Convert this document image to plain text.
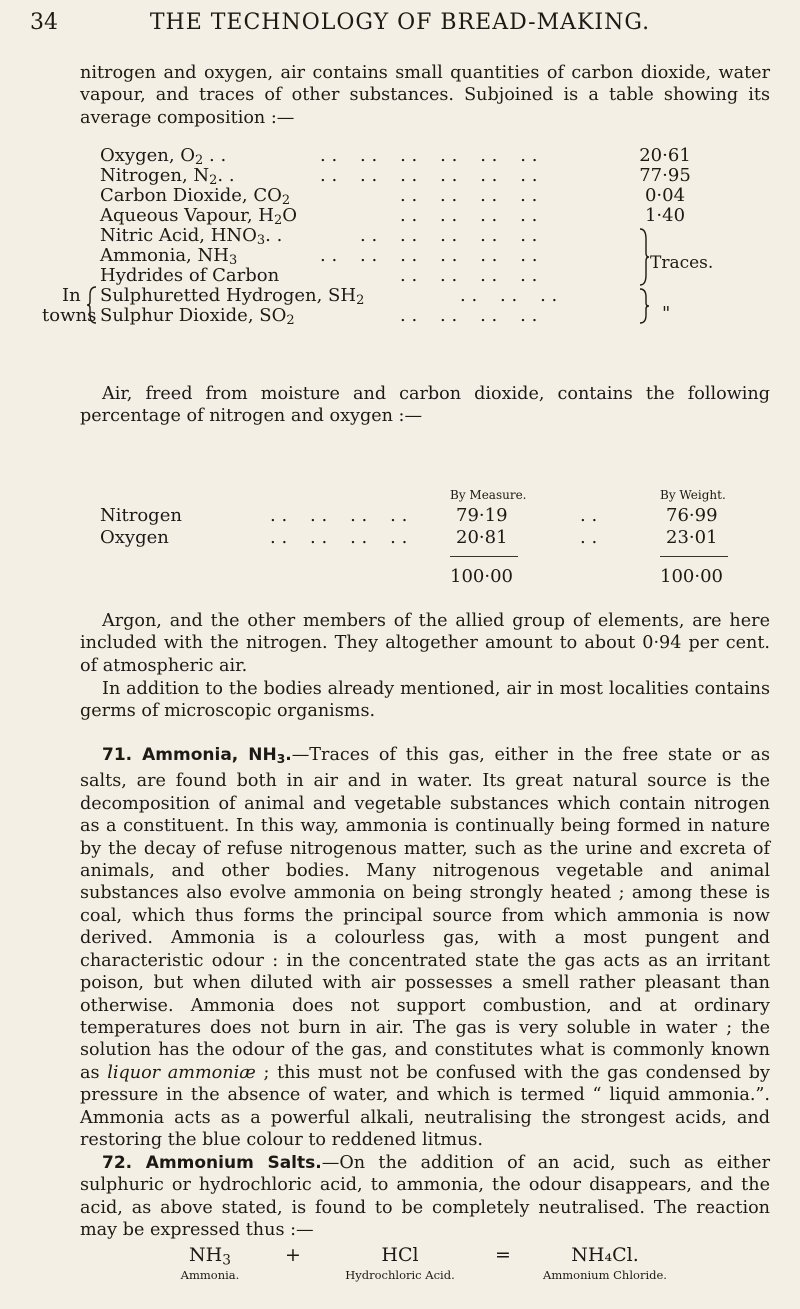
34	THE TECHNOLOGY OF BREAD-MAKING.

nitrogen and oxygen, air contains small quantities of carbon dioxide, water vapour, and traces of other substances. Subjoined is a table showing its average composition :—

Oxygen, $O_2$ . .	. .    . .    . .    . .    . .    . .	20·61
Nitrogen, $N_2$. .	. .    . .    . .    . .    . .    . .	77·95
Carbon Dioxide, $CO_2$	. .    . .    . .    . .	0·04
Aqueous Vapour, $H_2O$	. .    . .    . .    . .	1·40
Nitric Acid, $HNO_3$. .	. .    . .    . .    . .    . .
Ammonia, $NH_3$	. .    . .    . .    . .    . .    . .
Hydrides of Carbon	. .    . .    . .    . .
Sulphuretted Hydrogen, $SH_2$	. .    . .    . .
Sulphur Dioxide, $SO_2$	. .    . .    . .    . .
In
towns
Traces.
"

Air, freed from moisture and carbon dioxide, contains the following percentage of nitrogen and oxygen :—

By Measure.	By Weight.
Nitrogen	. .    . .    . .    . .	79·19	. .	76·99
Oxygen	. .    . .    . .    . .	20·81	. .	23·01
100·00	100·00

Argon, and the other members of the allied group of elements, are here included with the nitrogen. They altogether amount to about 0·94 per cent. of atmospheric air.

In addition to the bodies already mentioned, air in most localities contains germs of microscopic organisms.

71. Ammonia, $NH_3.—Traces$ of this gas, either in the free state or as salts, are found both in air and in water. Its great natural source is the decomposition of animal and vegetable substances which contain nitrogen as a constituent. In this way, ammonia is continually being formed in nature by the decay of refuse nitrogenous matter, such as the urine and excreta of animals, and other bodies. Many nitrogenous vegetable and animal substances also evolve ammonia on being strongly heated ; among these is coal, which thus forms the principal source from which ammonia is now derived. Ammonia is a colourless gas, with a most pungent and characteristic odour : in the concentrated state the gas acts as an irritant poison, but when diluted with air possesses a smell rather pleasant than otherwise. Ammonia does not support combustion, and at ordinary temperatures does not burn in air. The gas is very soluble in water ; the solution has the odour of the gas, and constitutes what is commonly known as liquor ammoniæ ; this must not be confused with the gas condensed by pressure in the absence of water, and which is termed “ liquid ammonia.”. Ammonia acts as a powerful alkali, neutralising the strongest acids, and restoring the blue colour to reddened litmus.

72. Ammonium Salts.—On the addition of an acid, such as either sulphuric or hydrochloric acid, to ammonia, the odour disappears, and the acid, as above stated, is found to be completely neutralised. The reaction may be expressed thus :—

$NH_3$
Ammonia.
+	HCl
Hydrochloric Acid.
=	NH₄Cl.
Ammonium Chloride.
